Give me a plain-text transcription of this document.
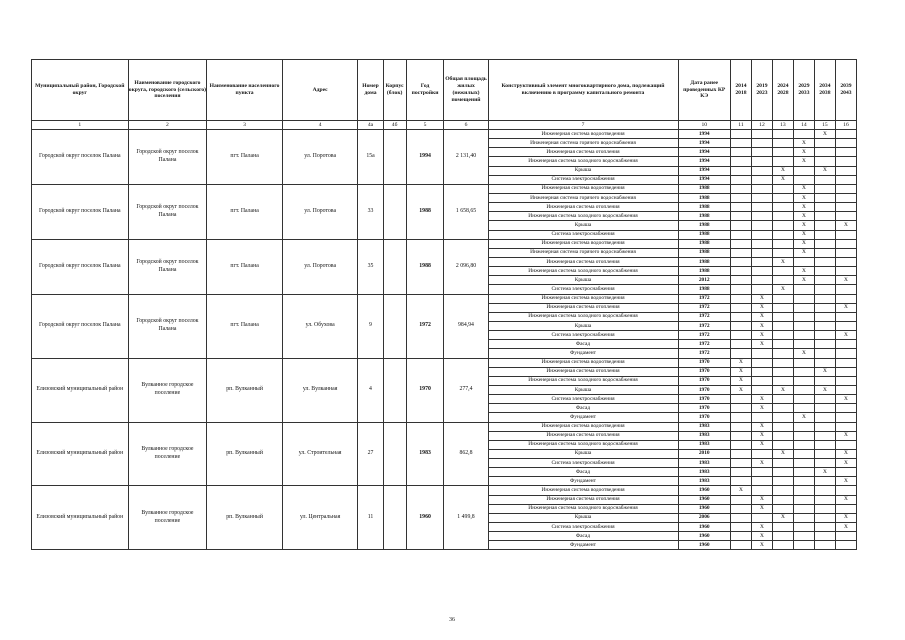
Муниципальный район, Городской округ	Наименование городского округа, городского (сельского) поселения	Наименование населенного пункта	Адрес	Номер дома	Корпус (блок)	Год постройки	Общая площадь жилых (нежилых) помещений	Конструктивный элемент многоквартирного дома, подлежащий включению в программу капитального ремонта	Дата ранее проведенных КР КЭ	2014 2018	2019 2023	2024 2028	2029 2033	2034 2038	2039 2043
1	2	3	4	4а	4б	5	6	7	10	11	12	13	14	15	16
Городской округ поселок Палана	Городской округ поселок Палана	пгт. Палана	ул. Поротова	15а		1994	2 131,40	Инженерная система водоотведения	1994					X	
								Инженерная система горячего водоснабжения	1994				X		
								Инженерная система отопления	1994				X		
								Инженерная система холодного водоснабжения	1994				X		
								Крыша	1994			X		X	
								Система электроснабжения	1994			X			
Городской округ поселок Палана	Городской округ поселок Палана	пгт. Палана	ул. Поротова	33		1988	1 658,65	Инженерная система водоотведения	1988				X		
								Инженерная система горячего водоснабжения	1988				X		
								Инженерная система отопления	1988				X		
								Инженерная система холодного водоснабжения	1988				X		
								Крыша	1988				X		X
								Система электроснабжения	1988				X		
Городской округ поселок Палана	Городской округ поселок Палана	пгт. Палана	ул. Поротова	35		1988	2 096,80	Инженерная система водоотведения	1988				X		
								Инженерная система горячего водоснабжения	1988				X		
								Инженерная система отопления	1988			X			
								Инженерная система холодного водоснабжения	1988				X		
								Крыша	2012				X		X
								Система электроснабжения	1988			X			
Городской округ поселок Палана	Городской округ поселок Палана	пгт. Палана	ул. Обухова	9		1972	984,94	Инженерная система водоотведения	1972		X				
								Инженерная система отопления	1972		X				X
								Инженерная система холодного водоснабжения	1972		X				
								Крыша	1972		X				
								Система электроснабжения	1972		X				X
								Фасад	1972		X				
								Фундамент	1972				X		
Елизовский муниципальный район	Вулканное городское поселение	рп. Вулканный	ул. Вулканная	4		1970	277,4	Инженерная система водоотведения	1970	X					
								Инженерная система отопления	1970	X				X	
								Инженерная система холодного водоснабжения	1970	X					
								Крыша	1970	X		X		X	
								Система электроснабжения	1970		X				X
								Фасад	1970		X				
								Фундамент	1970				X		
Елизовский муниципальный район	Вулканное городское поселение	рп. Вулканный	ул. Строительная	27		1983	862,8	Инженерная система водоотведения	1983		X				
								Инженерная система отопления	1983		X				X
								Инженерная система холодного водоснабжения	1983		X				
								Крыша	2010			X			X
								Система электроснабжения	1983		X				X
								Фасад	1983					X	
								Фундамент	1983						X
Елизовский муниципальный район	Вулканное городское поселение	рп. Вулканный	ул. Центральная	11		1960	1 499,8	Инженерная система водоотведения	1960	X					
								Инженерная система отопления	1960		X				X
								Инженерная система холодного водоснабжения	1960		X				
								Крыша	2006			X			X
								Система электроснабжения	1960		X				X
								Фасад	1960		X				
								Фундамент	1960		X				
36
